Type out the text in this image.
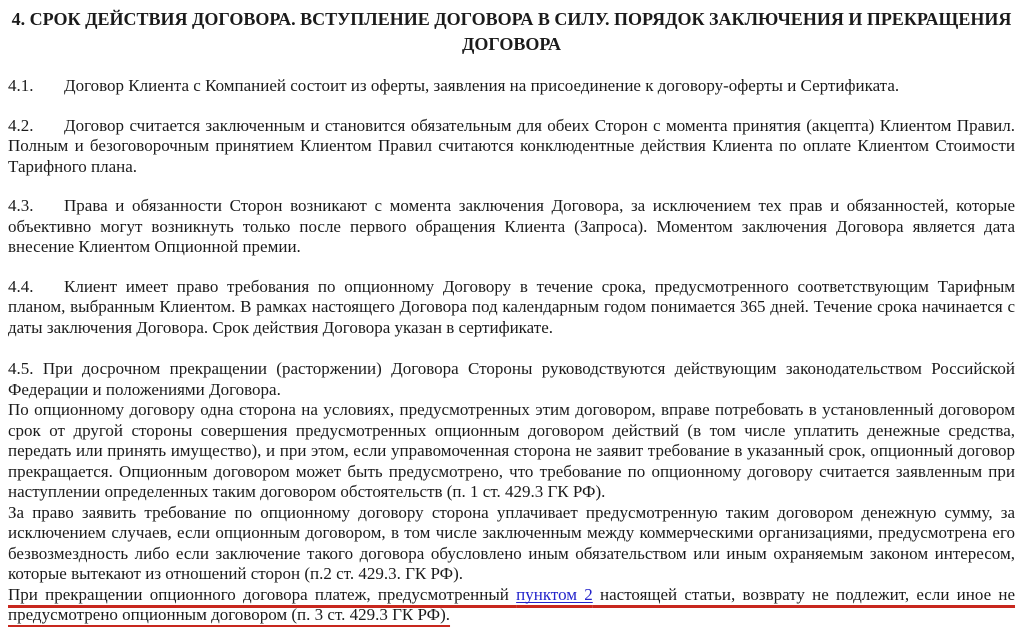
4. СРОК ДЕЙСТВИЯ ДОГОВОРА. ВСТУПЛЕНИЕ ДОГОВОРА В СИЛУ. ПОРЯДОК ЗАКЛЮЧЕНИЯ И ПРЕКРАЩЕНИЯ
ДОГОВОРА

4.1. Договор Клиента с Компанией состоит из оферты, заявления на присоединение к договору-оферты и Сертификата.

4.2. Договор считается заключенным и становится обязательным для обеих Сторон с момента принятия (акцепта) Клиентом Правил. Полным и безоговорочным принятием Клиентом Правил считаются конклюдентные действия Клиента по оплате Клиентом Стоимости Тарифного плана.

4.3. Права и обязанности Сторон возникают с момента заключения Договора, за исключением тех прав и обязанностей, которые объективно могут возникнуть только после первого обращения Клиента (Запроса). Моментом заключения Договора является дата внесение Клиентом Опционной премии.

4.4. Клиент имеет право требования по опционному Договору в течение срока, предусмотренного соответствующим Тарифным планом, выбранным Клиентом. В рамках настоящего Договора под календарным годом понимается 365 дней. Течение срока начинается с даты заключения Договора. Срок действия Договора указан в сертификате.

4.5. При досрочном прекращении (расторжении) Договора Стороны руководствуются действующим законодательством Российской Федерации и положениями Договора.

По опционному договору одна сторона на условиях, предусмотренных этим договором, вправе потребовать в установленный договором срок от другой стороны совершения предусмотренных опционным договором действий (в том числе уплатить денежные средства, передать или принять имущество), и при этом, если управомоченная сторона не заявит требование в указанный срок, опционный договор прекращается. Опционным договором может быть предусмотрено, что требование по опционному договору считается заявленным при наступлении определенных таким договором обстоятельств (п. 1 ст. 429.3 ГК РФ).

За право заявить требование по опционному договору сторона уплачивает предусмотренную таким договором денежную сумму, за исключением случаев, если опционным договором, в том числе заключенным между коммерческими организациями, предусмотрена его безвозмездность либо если заключение такого договора обусловлено иным обязательством или иным охраняемым законом интересом, которые вытекают из отношений сторон (п.2 ст. 429.3. ГК РФ).

При прекращении опционного договора платеж, предусмотренный пунктом 2 настоящей статьи, возврату не подлежит, если иное не предусмотрено опционным договором (п. 3 ст. 429.3 ГК РФ).
